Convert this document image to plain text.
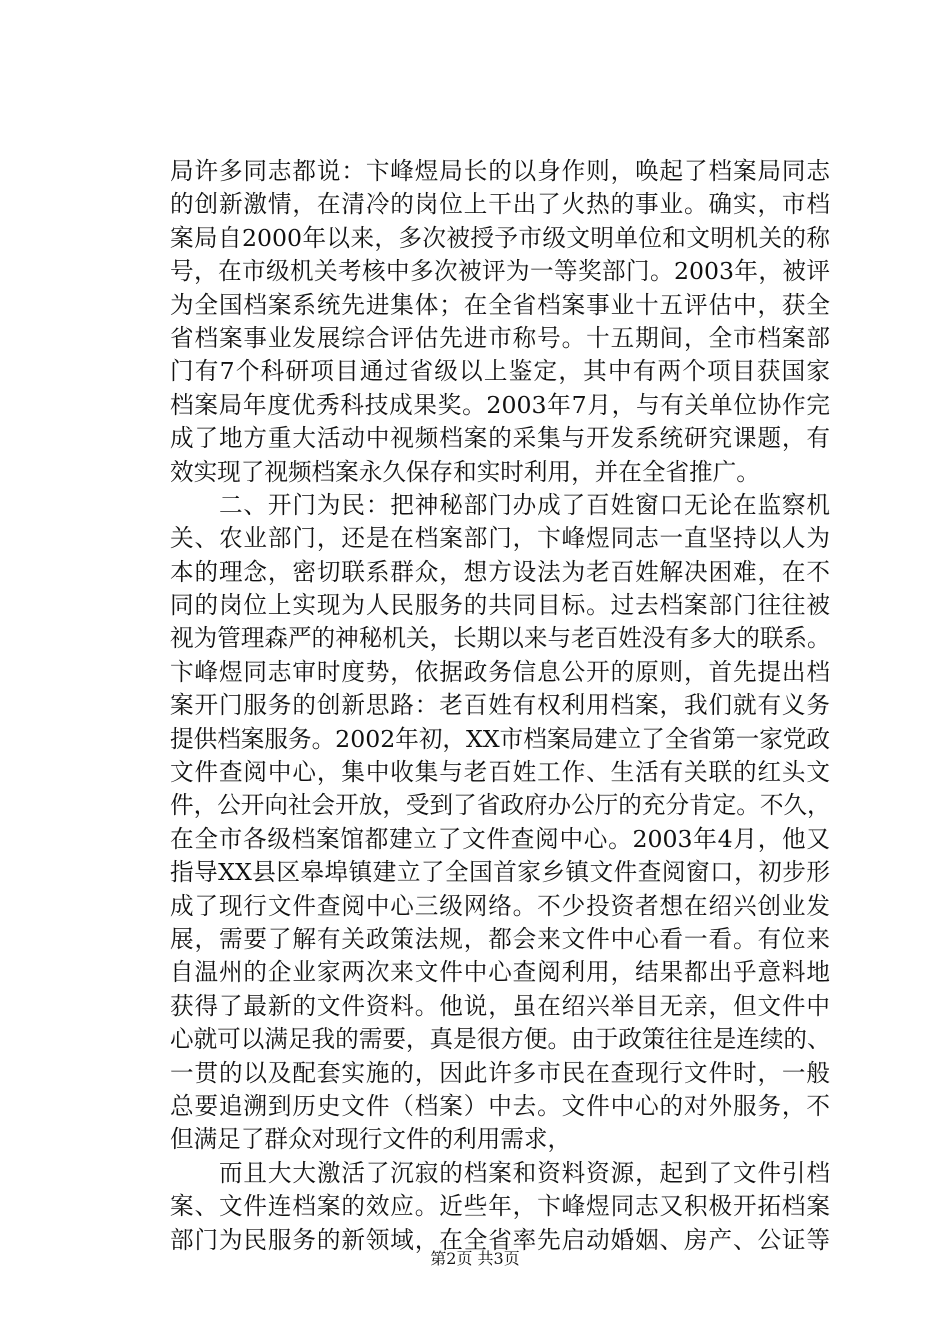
局许多同志都说：卞峰煜局长的以身作则，唤起了档案局同志
的创新激情，在清冷的岗位上干出了火热的事业。确实，市档
案局自2000年以来，多次被授予市级文明单位和文明机关的称
号，在市级机关考核中多次被评为一等奖部门。2003年，被评
为全国档案系统先进集体；在全省档案事业十五评估中，获全
省档案事业发展综合评估先进市称号。十五期间，全市档案部
门有7个科研项目通过省级以上鉴定，其中有两个项目获国家
档案局年度优秀科技成果奖。2003年7月，与有关单位协作完
成了地方重大活动中视频档案的采集与开发系统研究课题，有
效实现了视频档案永久保存和实时利用，并在全省推广。
　　二、开门为民：把神秘部门办成了百姓窗口无论在监察机
关、农业部门，还是在档案部门，卞峰煜同志一直坚持以人为
本的理念，密切联系群众，想方设法为老百姓解决困难，在不
同的岗位上实现为人民服务的共同目标。过去档案部门往往被
视为管理森严的神秘机关，长期以来与老百姓没有多大的联系。
卞峰煜同志审时度势，依据政务信息公开的原则，首先提出档
案开门服务的创新思路：老百姓有权利用档案，我们就有义务
提供档案服务。2002年初，XX市档案局建立了全省第一家党政
文件查阅中心，集中收集与老百姓工作、生活有关联的红头文
件，公开向社会开放，受到了省政府办公厅的充分肯定。不久，
在全市各级档案馆都建立了文件查阅中心。2003年4月，他又
指导XX县区皋埠镇建立了全国首家乡镇文件查阅窗口，初步形
成了现行文件查阅中心三级网络。不少投资者想在绍兴创业发
展，需要了解有关政策法规，都会来文件中心看一看。有位来
自温州的企业家两次来文件中心查阅利用，结果都出乎意料地
获得了最新的文件资料。他说，虽在绍兴举目无亲，但文件中
心就可以满足我的需要，真是很方便。由于政策往往是连续的、
一贯的以及配套实施的，因此许多市民在查现行文件时，一般
总要追溯到历史文件（档案）中去。文件中心的对外服务，不
但满足了群众对现行文件的利用需求，
　　而且大大激活了沉寂的档案和资料资源，起到了文件引档
案、文件连档案的效应。近些年，卞峰煜同志又积极开拓档案
部门为民服务的新领域，在全省率先启动婚姻、房产、公证等
第2页 共3页
